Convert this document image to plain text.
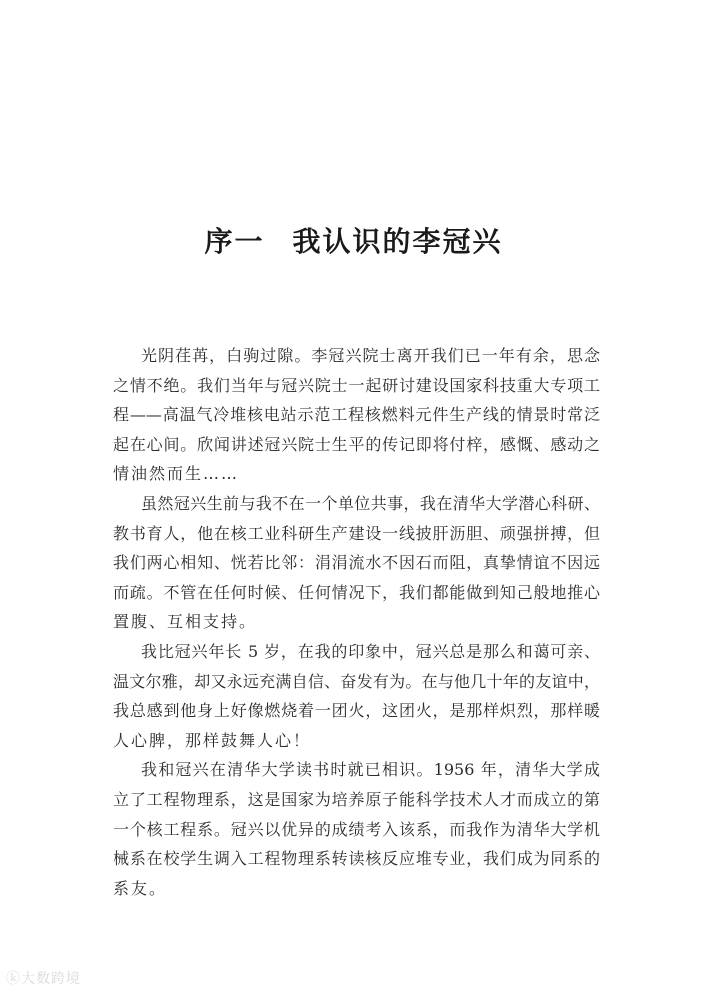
序一 我认识的李冠兴
光阴荏苒，白驹过隙。李冠兴院士离开我们已一年有余，思念
之情不绝。我们当年与冠兴院士一起研讨建设国家科技重大专项工
程——高温气冷堆核电站示范工程核燃料元件生产线的情景时常泛
起在心间。欣闻讲述冠兴院士生平的传记即将付梓，感慨、感动之
情油然而生……
虽然冠兴生前与我不在一个单位共事，我在清华大学潜心科研、
教书育人，他在核工业科研生产建设一线披肝沥胆、顽强拼搏，但
我们两心相知、恍若比邻：涓涓流水不因石而阻，真挚情谊不因远
而疏。不管在任何时候、任何情况下，我们都能做到知己般地推心
置腹、互相支持。
我比冠兴年长 5 岁，在我的印象中，冠兴总是那么和蔼可亲、
温文尔雅，却又永远充满自信、奋发有为。在与他几十年的友谊中，
我总感到他身上好像燃烧着一团火，这团火，是那样炽烈，那样暖
人心脾，那样鼓舞人心！
我和冠兴在清华大学读书时就已相识。1956 年，清华大学成
立了工程物理系，这是国家为培养原子能科学技术人才而成立的第
一个核工程系。冠兴以优异的成绩考入该系，而我作为清华大学机
械系在校学生调入工程物理系转读核反应堆专业，我们成为同系的
系友。
ⓚ大数跨境
